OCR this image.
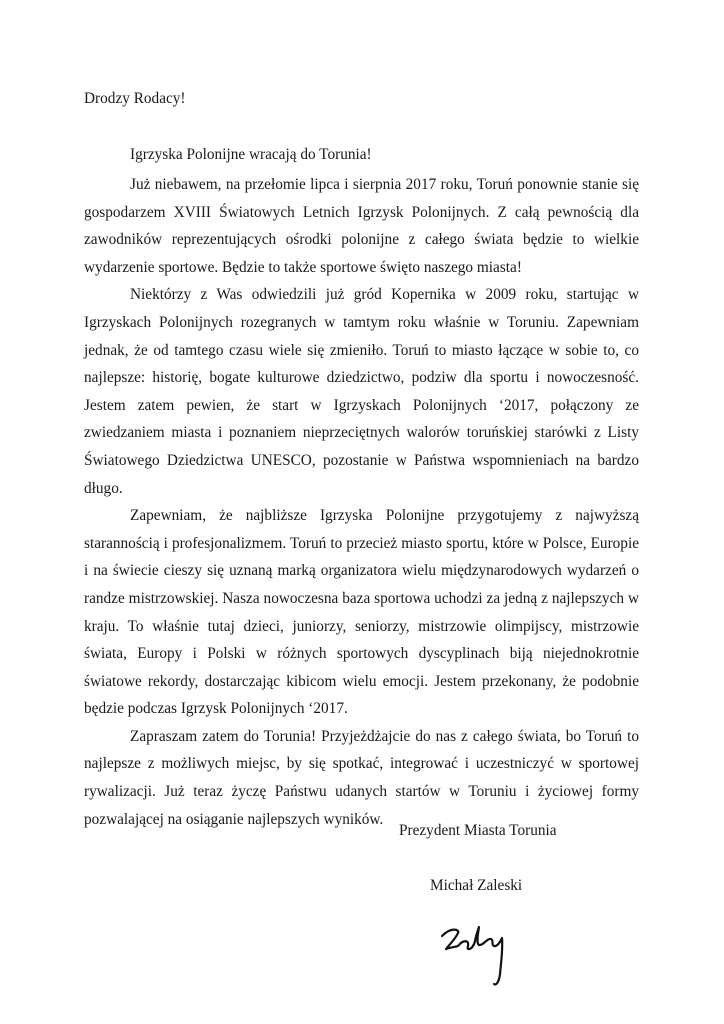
Drodzy Rodacy!
Igrzyska Polonijne wracają do Torunia!

Już niebawem, na przełomie lipca i sierpnia 2017 roku, Toruń ponownie stanie się gospodarzem XVIII Światowych Letnich Igrzysk Polonijnych. Z całą pewnością dla zawodników reprezentujących ośrodki polonijne z całego świata będzie to wielkie wydarzenie sportowe. Będzie to także sportowe święto naszego miasta!

Niektórzy z Was odwiedzili już gród Kopernika w 2009 roku, startując w Igrzyskach Polonijnych rozegranych w tamtym roku właśnie w Toruniu. Zapewniam jednak, że od tamtego czasu wiele się zmieniło. Toruń to miasto łączące w sobie to, co najlepsze: historię, bogate kulturowe dziedzictwo, podziw dla sportu i nowoczesność. Jestem zatem pewien, że start w Igrzyskach Polonijnych ‘2017, połączony ze zwiedzaniem miasta i poznaniem nieprzeciętnych walorów toruńskiej starówki z Listy Światowego Dziedzictwa UNESCO, pozostanie w Państwa wspomnieniach na bardzo długo.

Zapewniam, że najbliższe Igrzyska Polonijne przygotujemy z najwyższą starannością i profesjonalizmem. Toruń to przecież miasto sportu, które w Polsce, Europie i na świecie cieszy się uznaną marką organizatora wielu międzynarodowych wydarzeń o randze mistrzowskiej. Nasza nowoczesna baza sportowa uchodzi za jedną z najlepszych w kraju. To właśnie tutaj dzieci, juniorzy, seniorzy, mistrzowie olimpijscy, mistrzowie świata, Europy i Polski w różnych sportowych dyscyplinach biją niejednokrotnie światowe rekordy, dostarczając kibicom wielu emocji. Jestem przekonany, że podobnie będzie podczas Igrzysk Polonijnych ‘2017.

Zapraszam zatem do Torunia! Przyjeżdżajcie do nas z całego świata, bo Toruń to najlepsze z możliwych miejsc, by się spotkać, integrować i uczestniczyć w sportowej rywalizacji. Już teraz życzę Państwu udanych startów w Toruniu i życiowej formy pozwalającej na osiąganie najlepszych wyników.

Prezydent Miasta Torunia
Michał Zaleski
